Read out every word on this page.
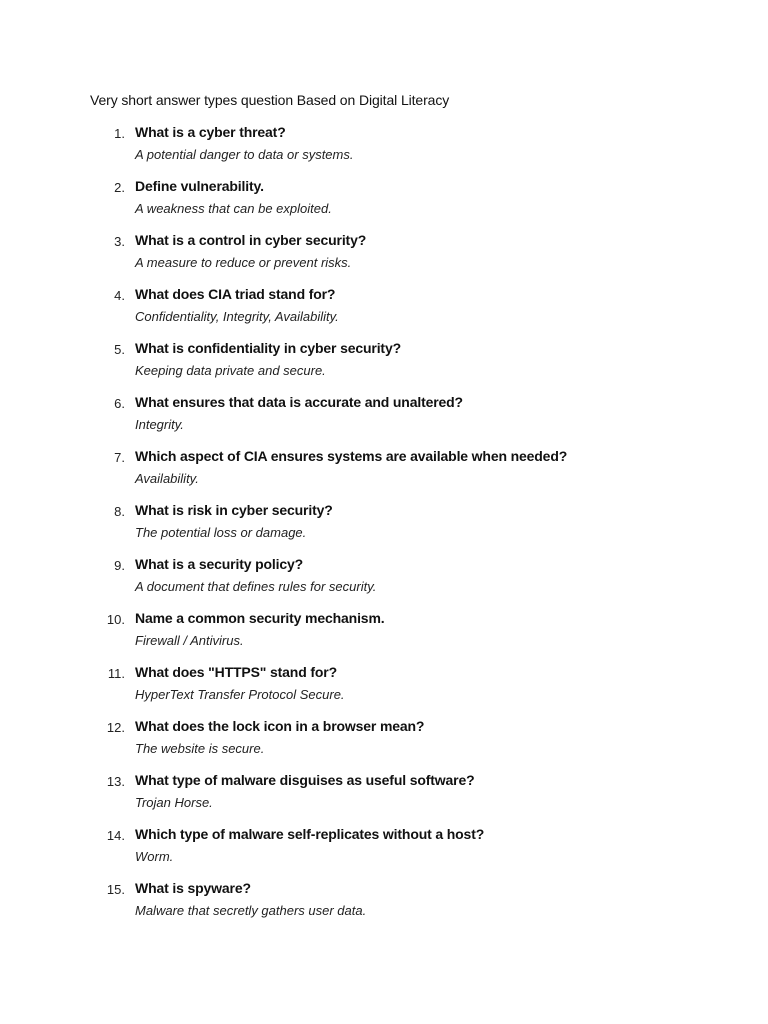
Very short answer types question Based on Digital Literacy
1. What is a cyber threat?
A potential danger to data or systems.
2. Define vulnerability.
A weakness that can be exploited.
3. What is a control in cyber security?
A measure to reduce or prevent risks.
4. What does CIA triad stand for?
Confidentiality, Integrity, Availability.
5. What is confidentiality in cyber security?
Keeping data private and secure.
6. What ensures that data is accurate and unaltered?
Integrity.
7. Which aspect of CIA ensures systems are available when needed?
Availability.
8. What is risk in cyber security?
The potential loss or damage.
9. What is a security policy?
A document that defines rules for security.
10. Name a common security mechanism.
Firewall / Antivirus.
11. What does "HTTPS" stand for?
HyperText Transfer Protocol Secure.
12. What does the lock icon in a browser mean?
The website is secure.
13. What type of malware disguises as useful software?
Trojan Horse.
14. Which type of malware self-replicates without a host?
Worm.
15. What is spyware?
Malware that secretly gathers user data.
